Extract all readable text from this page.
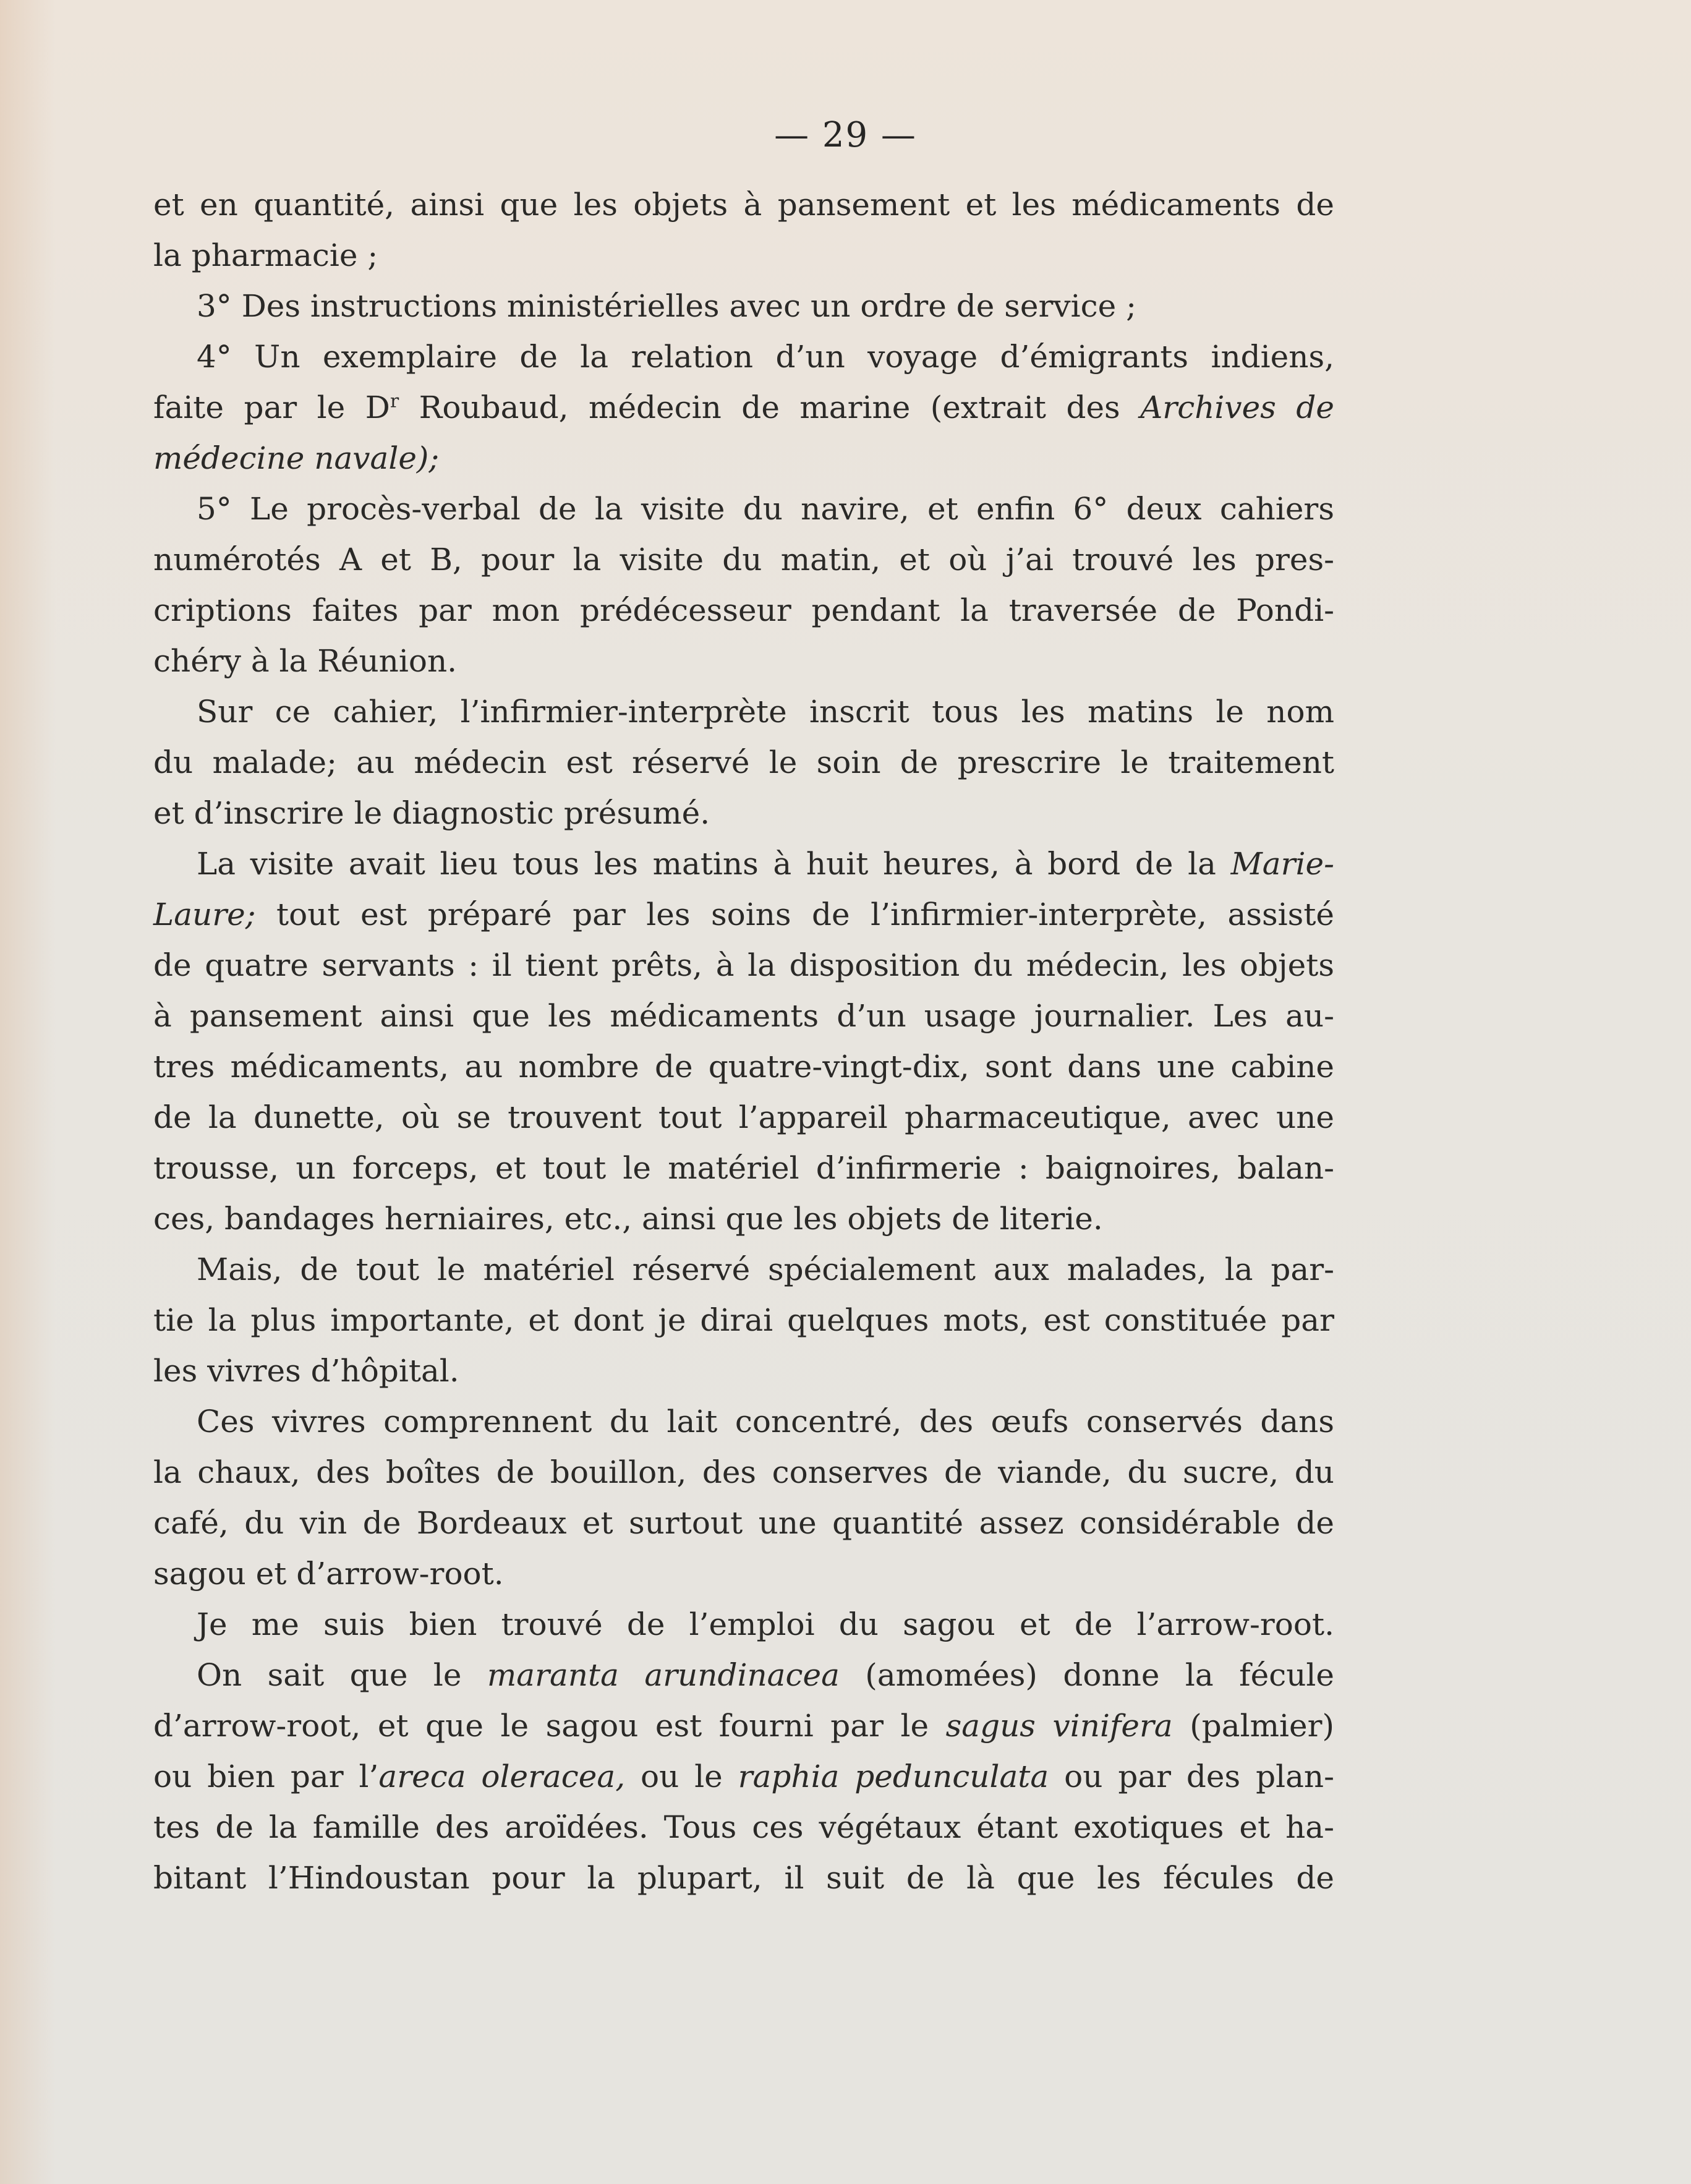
— 29 —
et en quantité, ainsi que les objets à pansement et les médicaments de
la pharmacie ;
3° Des instructions ministérielles avec un ordre de service ;
4° Un exemplaire de la relation d’un voyage d’émigrants indiens,
faite par le $D^r$ Roubaud, médecin de marine (extrait des Archives de
médecine navale);
5° Le procès-verbal de la visite du navire, et enfin 6° deux cahiers
numérotés A et B, pour la visite du matin, et où j’ai trouvé les pres-
criptions faites par mon prédécesseur pendant la traversée de Pondi-
chéry à la Réunion.
Sur ce cahier, l’infirmier-interprète inscrit tous les matins le nom
du malade; au médecin est réservé le soin de prescrire le traitement
et d’inscrire le diagnostic présumé.
La visite avait lieu tous les matins à huit heures, à bord de la Marie-
Laure; tout est préparé par les soins de l’infirmier-interprète, assisté
de quatre servants : il tient prêts, à la disposition du médecin, les objets
à pansement ainsi que les médicaments d’un usage journalier. Les au-
tres médicaments, au nombre de quatre-vingt-dix, sont dans une cabine
de la dunette, où se trouvent tout l’appareil pharmaceutique, avec une
trousse, un forceps, et tout le matériel d’infirmerie : baignoires, balan-
ces, bandages herniaires, etc., ainsi que les objets de literie.
Mais, de tout le matériel réservé spécialement aux malades, la par-
tie la plus importante, et dont je dirai quelques mots, est constituée par
les vivres d’hôpital.
Ces vivres comprennent du lait concentré, des œufs conservés dans
la chaux, des boîtes de bouillon, des conserves de viande, du sucre, du
café, du vin de Bordeaux et surtout une quantité assez considérable de
sagou et d’arrow-root.
Je me suis bien trouvé de l’emploi du sagou et de l’arrow-root.
On sait que le maranta arundinacea (amomées) donne la fécule
d’arrow-root, et que le sagou est fourni par le sagus vinifera (palmier)
ou bien par l’areca oleracea, ou le raphia pedunculata ou par des plan-
tes de la famille des aroïdées. Tous ces végétaux étant exotiques et ha-
bitant l’Hindoustan pour la plupart, il suit de là que les fécules de
